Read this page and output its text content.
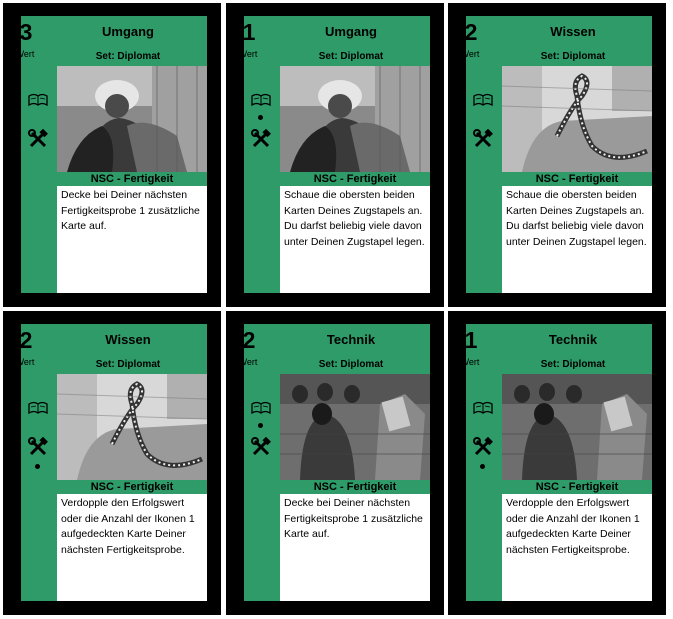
3
Wert
Umgang
Set: Diplomat
NSC - Fertigkeit
Decke bei Deiner nächsten Fertigkeitsprobe 1 zusätzliche Karte auf.
1
Wert
Umgang
Set: Diplomat
NSC - Fertigkeit
Schaue die obersten beiden Karten Deines Zugstapels an. Du darfst beliebig viele davon unter Deinen Zugstapel legen.
2
Wert
Wissen
Set: Diplomat
NSC - Fertigkeit
Schaue die obersten beiden Karten Deines Zugstapels an. Du darfst beliebig viele davon unter Deinen Zugstapel legen.
2
Wert
Wissen
Set: Diplomat
NSC - Fertigkeit
Verdopple den Erfolgswert oder die Anzahl der Ikonen 1 aufgedeckten Karte Deiner nächsten Fertigkeitsprobe.
2
Wert
Technik
Set: Diplomat
NSC - Fertigkeit
Decke bei Deiner nächsten Fertigkeitsprobe 1 zusätzliche Karte auf.
1
Wert
Technik
Set: Diplomat
NSC - Fertigkeit
Verdopple den Erfolgswert oder die Anzahl der Ikonen 1 aufgedeckten Karte Deiner nächsten Fertigkeitsprobe.
